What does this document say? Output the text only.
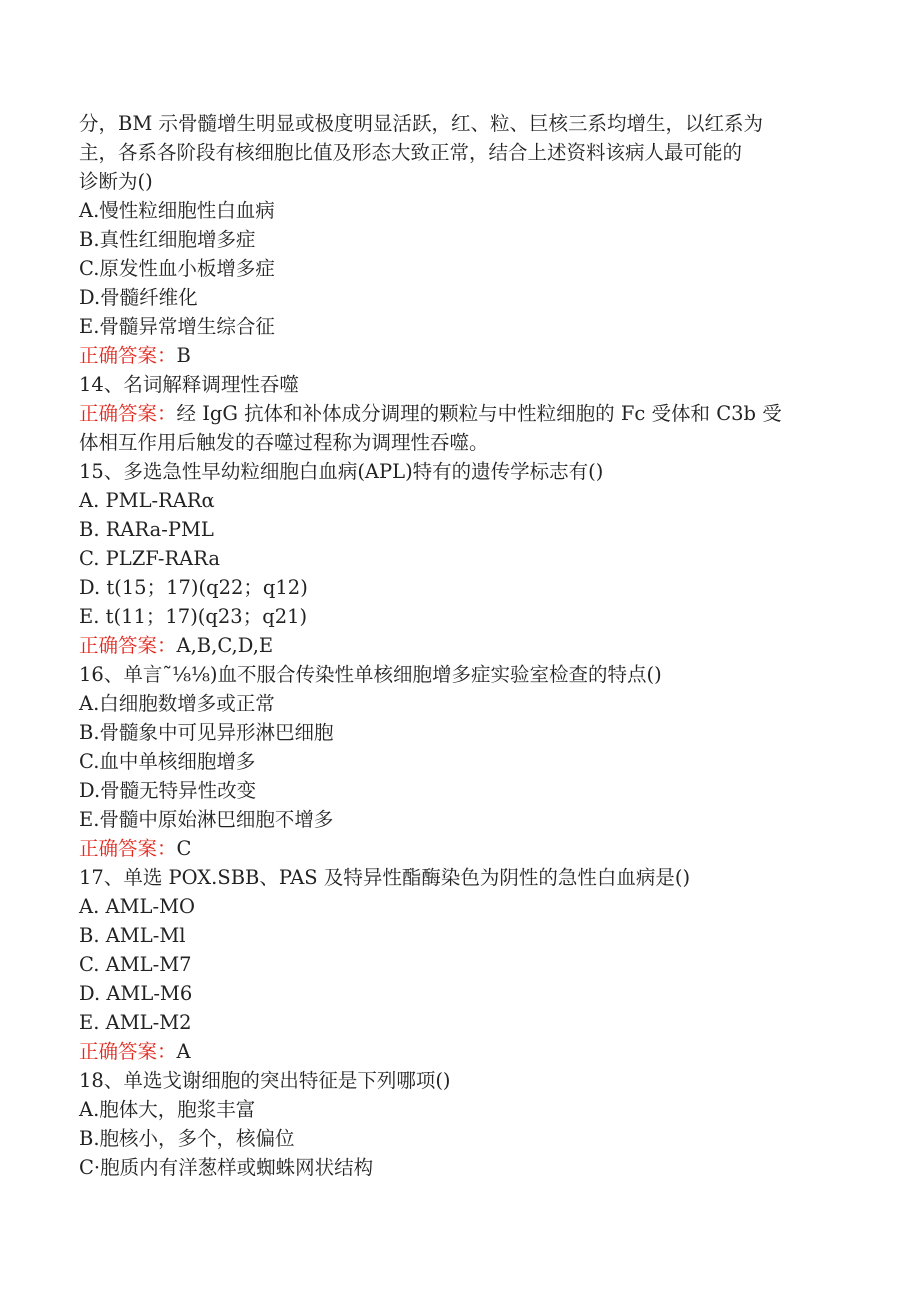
分，BM 示骨髓增生明显或极度明显活跃，红、粒、巨核三系均增生，以红系为
主，各系各阶段有核细胞比值及形态大致正常，结合上述资料该病人最可能的
诊断为()
A.慢性粒细胞性白血病
B.真性红细胞增多症
C.原发性血小板增多症
D.骨髓纤维化
E.骨髓异常增生综合征
正确答案：B
14、名词解释调理性吞噬
正确答案：经 IgG 抗体和补体成分调理的颗粒与中性粒细胞的 Fc 受体和 C3b 受
体相互作用后触发的吞噬过程称为调理性吞噬。
15、多选急性早幼粒细胞白血病(APL)特有的遗传学标志有()
A. PML-RARα
B. RARa-PML
C. PLZF-RARa
D. t(15；17)(q22；q12)
E. t(11；17)(q23；q21)
正确答案：A,B,C,D,E
16、单言˜⅛⅛)血不服合传染性单核细胞增多症实验室检查的特点()
A.白细胞数增多或正常
B.骨髓象中可见异形淋巴细胞
C.血中单核细胞增多
D.骨髓无特异性改变
E.骨髓中原始淋巴细胞不增多
正确答案：C
17、单选 POX.SBB、PAS 及特异性酯酶染色为阴性的急性白血病是()
A. AML-MO
B. AML-Ml
C. AML-M7
D. AML-M6
E. AML-M2
正确答案：A
18、单选戈谢细胞的突出特征是下列哪项()
A.胞体大，胞浆丰富
B.胞核小，多个，核偏位
C·胞质内有洋葱样或蜘蛛网状结构
